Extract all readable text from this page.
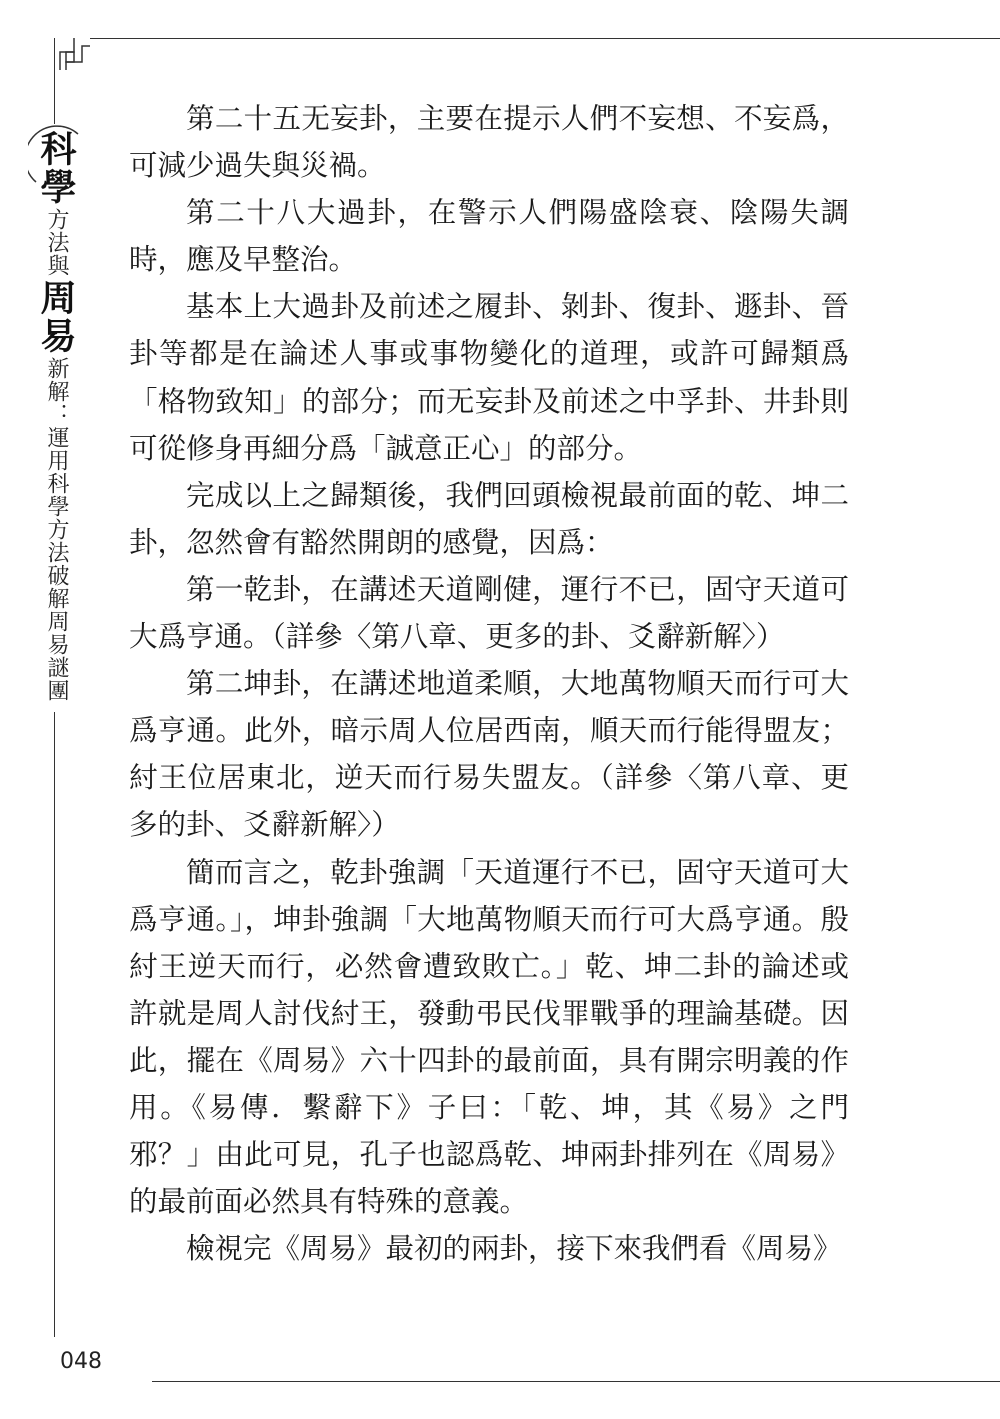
科學
方法與
周易
新解：運用科學方法破解周易謎團

第二十五无妄卦，主要在提示人們不妄想、不妄爲，可減少過失與災禍。

第二十八大過卦，在警示人們陽盛陰衰、陰陽失調時，應及早整治。

基本上大過卦及前述之履卦、剝卦、復卦、遯卦、晉卦等都是在論述人事或事物變化的道理，或許可歸類爲「格物致知」的部分；而无妄卦及前述之中孚卦、井卦則可從修身再細分爲「誠意正心」的部分。

完成以上之歸類後，我們回頭檢視最前面的乾、坤二卦，忽然會有豁然開朗的感覺，因爲：

第一乾卦，在講述天道剛健，運行不已，固守天道可大爲亨通。（詳參〈第八章、更多的卦、爻辭新解〉）

第二坤卦，在講述地道柔順，大地萬物順天而行可大爲亨通。此外，暗示周人位居西南，順天而行能得盟友；紂王位居東北，逆天而行易失盟友。（詳參〈第八章、更多的卦、爻辭新解〉）

簡而言之，乾卦強調「天道運行不已，固守天道可大爲亨通。」，坤卦強調「大地萬物順天而行可大爲亨通。殷紂王逆天而行，必然會遭致敗亡。」乾、坤二卦的論述或許就是周人討伐紂王，發動弔民伐罪戰爭的理論基礎。因此，擺在《周易》六十四卦的最前面，具有開宗明義的作用。《易傳．繫辭下》子曰：「乾、坤，其《易》之門邪？」由此可見，孔子也認爲乾、坤兩卦排列在《周易》的最前面必然具有特殊的意義。

檢視完《周易》最初的兩卦，接下來我們看《周易》

048
